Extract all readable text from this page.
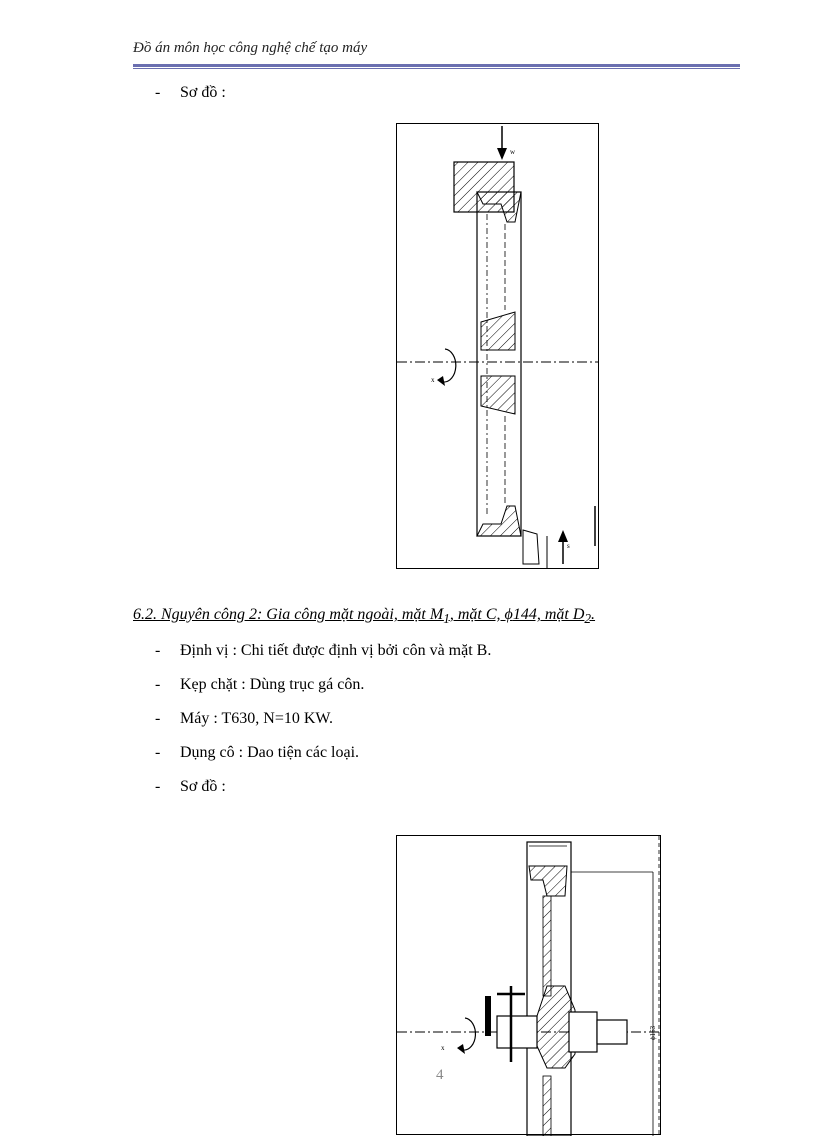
Đồ án môn học công nghệ chế tạo máy
- Sơ đồ :
w
x
s
6.2. Nguyên công 2: Gia công mặt ngoài, mặt $M_1$, mặt C, ϕ144, mặt $D_2$.
- Định vị : Chi tiết được định vị bởi côn và mặt B.
- Kẹp chặt : Dùng trục gá côn.
- Máy : T630, N=10 KW.
- Dụng cô : Dao tiện các loại.
- Sơ đồ :
ϕ163
x
4
